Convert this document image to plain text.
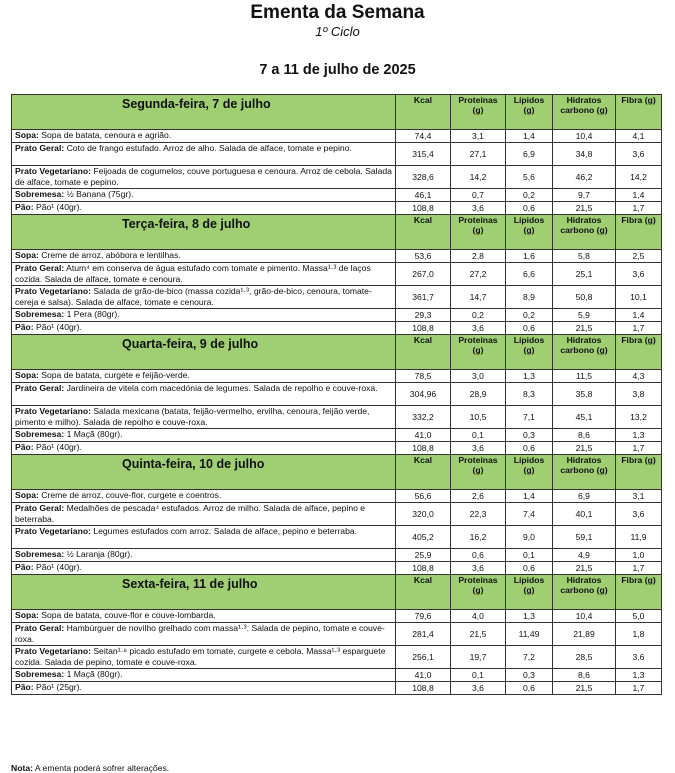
Ementa da Semana
1º Ciclo
7 a 11 de julho de 2025
Segunda-feira, 7 de julho	Kcal	Proteínas (g)	Lípidos (g)	Hidratos carbono (g)	Fibra (g)
Sopa: Sopa de batata, cenoura e agrião.	74,4	3,1	1,4	10,4	4,1
Prato Geral: Coto de frango estufado. Arroz de alho. Salada de alface, tomate e pepino.	315,4	27,1	6,9	34,8	3,6
Prato Vegetariano: Feijoada de cogumelos, couve portuguesa e cenoura. Arroz de cebola. Salada de alface, tomate e pepino.	328,6	14,2	5,6	46,2	14,2
Sobremesa: ½ Banana (75gr).	46,1	0,7	0,2	9,7	1,4
Pão: Pão¹ (40gr).	108,8	3,6	0,6	21,5	1,7
Terça-feira, 8 de julho	Kcal	Proteínas (g)	Lípidos (g)	Hidratos carbono (g)	Fibra (g)
Sopa: Creme de arroz, abóbora e lentilhas.	53,6	2,8	1,6	5,8	2,5
Prato Geral: Atum⁴ em conserva de água estufado com tomate e pimento. Massa¹·³ de laços cozida. Salada de alface, tomate e cenoura.	267,0	27,2	6,6	25,1	3,6
Prato Vegetariano: Salada de grão-de-bico (massa cozida¹·³, grão-de-bico, cenoura, tomate-cereja e salsa). Salada de alface, tomate e cenoura.	361,7	14,7	8,9	50,8	10,1
Sobremesa: 1 Pera (80gr).	29,3	0,2	0,2	5,9	1,4
Pão: Pão¹ (40gr).	108,8	3,6	0,6	21,5	1,7
Quarta-feira, 9 de julho	Kcal	Proteínas (g)	Lípidos (g)	Hidratos carbono (g)	Fibra (g)
Sopa: Sopa de batata, curgete e feijão-verde.	78,5	3,0	1,3	11,5	4,3
Prato Geral: Jardineira de vitela com macedónia de legumes. Salada de repolho e couve-roxa.	304,96	28,9	8,3	35,8	3,8
Prato Vegetariano: Salada mexicana (batata, feijão-vermelho, ervilha, cenoura, feijão verde, pimento e milho). Salada de repolho e couve-roxa.	332,2	10,5	7,1	45,1	13,2
Sobremesa: 1 Maçã (80gr).	41,0	0,1	0,3	8,6	1,3
Pão: Pão¹ (40gr).	108,8	3,6	0,6	21,5	1,7
Quinta-feira, 10 de julho	Kcal	Proteínas (g)	Lípidos (g)	Hidratos carbono (g)	Fibra (g)
Sopa: Creme de arroz, couve-flor, curgete e coentros.	56,6	2,6	1,4	6,9	3,1
Prato Geral: Medalhões de pescada⁴ estufados. Arroz de milho. Salada de alface, pepino e beterraba.	320,0	22,3	7,4	40,1	3,6
Prato Vegetariano: Legumes estufados com arroz. Salada de alface, pepino e beterraba.	405,2	16,2	9,0	59,1	11,9
Sobremesa: ½ Laranja (80gr).	25,9	0,6	0,1	4,9	1,0
Pão: Pão¹ (40gr).	108,8	3,6	0,6	21,5	1,7
Sexta-feira, 11 de julho	Kcal	Proteínas (g)	Lípidos (g)	Hidratos carbono (g)	Fibra (g)
Sopa: Sopa de batata, couve-flor e couve-lombarda.	79,6	4,0	1,3	10,4	5,0
Prato Geral: Hambúrguer de novilho grelhado com massa¹·³. Salada de pepino, tomate e couve-roxa.	281,4	21,5	11,49	21,89	1,8
Prato Vegetariano: Seitan¹·⁸ picado estufado em tomate, curgete e cebola. Massa¹·³ esparguete cozida. Salada de pepino, tomate e couve-roxa.	256,1	19,7	7,2	28,5	3,6
Sobremesa: 1 Maçã (80gr).	41,0	0,1	0,3	8,6	1,3
Pão: Pão¹ (25gr).	108,8	3,6	0,6	21,5	1,7
Nota: A ementa poderá sofrer alterações.
